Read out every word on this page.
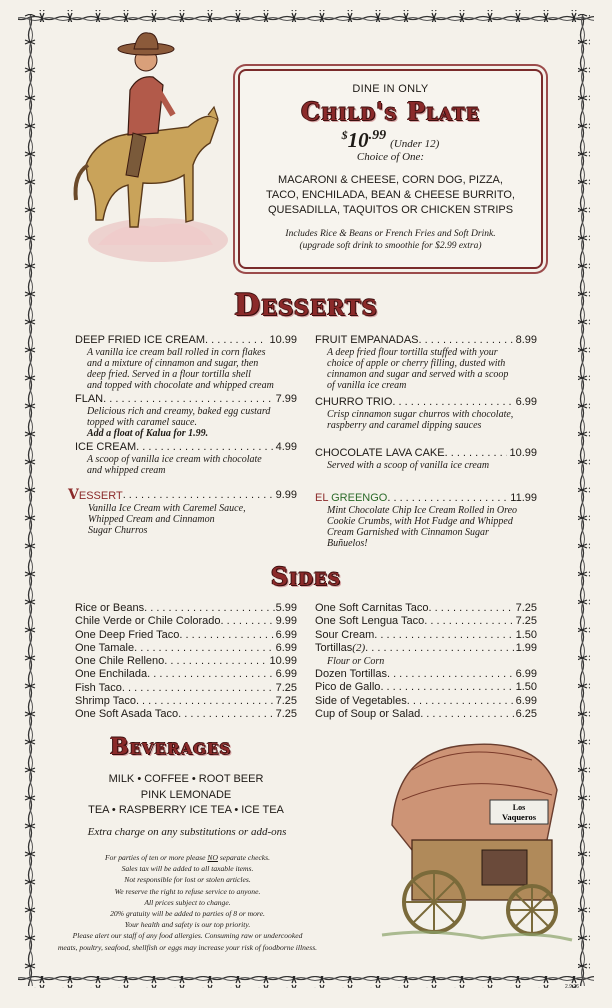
DINE IN ONLY
Child's Plate
$10.99 (Under 12)
Choice of One:
MACARONI & CHEESE, CORN DOG, PIZZA,
TACO, ENCHILADA, BEAN & CHEESE BURRITO,
QUESADILLA, TAQUITOS OR CHICKEN STRIPS
Includes Rice & Beans or French Fries and Soft Drink.
(upgrade soft drink to smoothie for $2.99 extra)
Desserts
DEEP FRIED ICE CREAM . . .	10.99
A vanilla ice cream ball rolled in corn flakes
and a mixture of cinnamon and sugar, then
deep fried. Served in a flour tortilla shell
and topped with chocolate and whipped cream
FLAN . . .	7.99
Delicious rich and creamy, baked egg custard
topped with caramel sauce.
Add a float of Kalua for 1.99.
ICE CREAM . . .	4.99
A scoop of vanilla ice cream with chocolate
and whipped cream
VESSERT . . .	9.99
Vanilla Ice Cream with Caremel Sauce,
Whipped Cream and Cinnamon
Sugar Churros
FRUIT EMPANADAS . . .	8.99
A deep fried flour tortilla stuffed with your
choice of apple or cherry filling, dusted with
cinnamon and sugar and served with a scoop
of vanilla ice cream
CHURRO TRIO . . .	6.99
Crisp cinnamon sugar churros with chocolate,
raspberry and caramel dipping sauces
CHOCOLATE LAVA CAKE . . .	10.99
Served with a scoop of vanilla ice cream
EL GREENGO . . .	11.99
Mint Chocolate Chip Ice Cream Rolled in Oreo
Cookie Crumbs, with Hot Fudge and Whipped
Cream Garnished with Cinnamon Sugar
Buñuelos!
Sides
Rice or Beans . . .	5.99
Chile Verde or Chile Colorado . . .	9.99
One Deep Fried Taco . . .	6.99
One Tamale . . .	6.99
One Chile Relleno . . .	10.99
One Enchilada . . .	6.99
Fish Taco . . .	7.25
Shrimp Taco . . .	7.25
One Soft Asada Taco . . .	7.25
One Soft Carnitas Taco . . .	7.25
One Soft Lengua Taco . . .	7.25
Sour Cream . . .	1.50
Tortillas (2) . . .	1.99
Flour or Corn
Dozen Tortillas . . .	6.99
Pico de Gallo . . .	1.50
Side of Vegetables . . .	6.99
Cup of Soup or Salad . . .	6.25
Beverages
MILK • COFFEE • ROOT BEER
PINK LEMONADE
TEA • RASPBERRY ICE TEA • ICE TEA
Extra charge on any substitutions or add-ons
For parties of ten or more please NO separate checks.
Sales tax will be added to all taxable items.
Not responsible for lost or stolen articles.
We reserve the right to refuse service to anyone.
All prices subject to change.
20% gratuity will be added to parties of 8 or more.
Your health and safety is our top priority.
Please alert our staff of any food allergies. Consuming raw or undercooked
meats, poultry, seafood, shellfish or eggs may increase your risk of foodborne illness.
Los
Vaqueros
2.9.26
